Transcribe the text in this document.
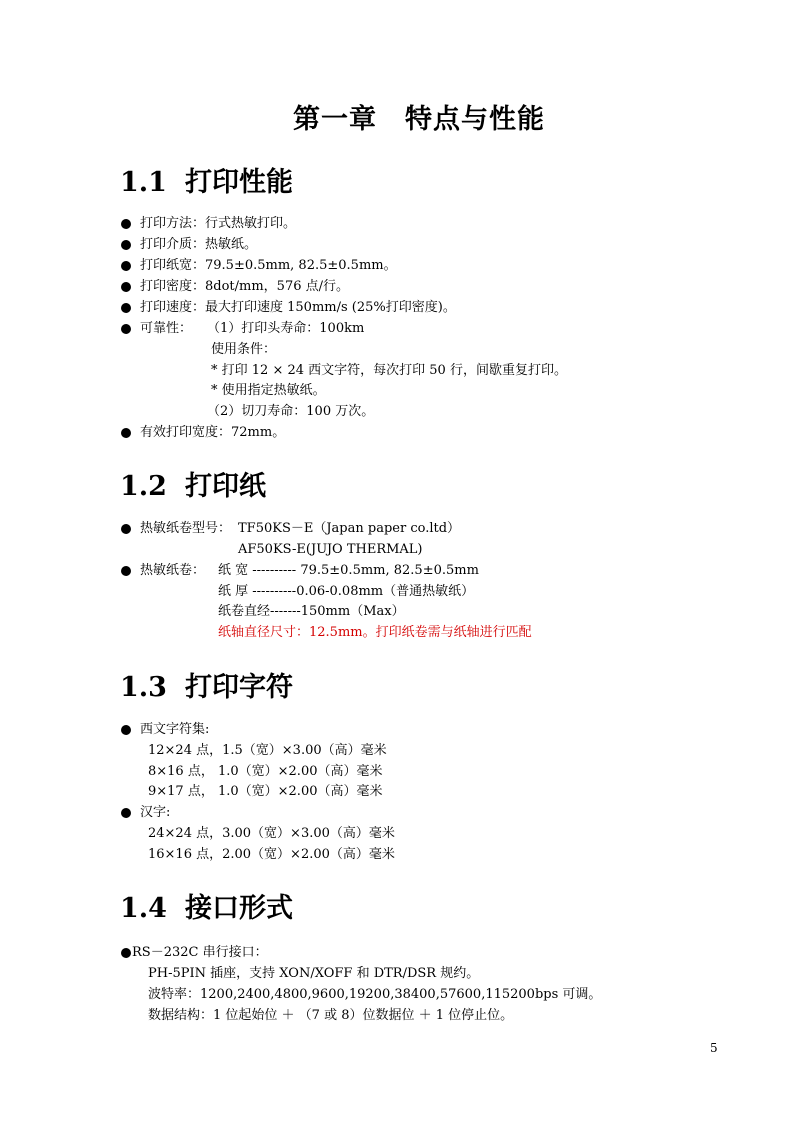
第一章　特点与性能
1.1 打印性能
打印方法：行式热敏打印。
打印介质：热敏纸。
打印纸宽：79.5±0.5mm, 82.5±0.5mm。
打印密度：8dot/mm，576 点/行。
打印速度：最大打印速度 150mm/s (25%打印密度)。
可靠性： （1）打印头寿命：100km
使用条件：
* 打印 12 × 24 西文字符，每次打印 50 行，间歇重复打印。
* 使用指定热敏纸。
（2）切刀寿命：100 万次。
有效打印宽度：72mm。
1.2 打印纸
热敏纸卷型号： TF50KS－E（Japan paper co.ltd）
AF50KS-E(JUJO THERMAL)
热敏纸卷： 纸 宽 ---------- 79.5±0.5mm, 82.5±0.5mm
纸 厚 ----------0.06-0.08mm（普通热敏纸）
纸卷直经-------150mm（Max）
纸轴直径尺寸：12.5mm。打印纸卷需与纸轴进行匹配
1.3 打印字符
西文字符集:
12×24 点，1.5（宽）×3.00（高）毫米
8×16 点， 1.0（宽）×2.00（高）毫米
9×17 点， 1.0（宽）×2.00（高）毫米
汉字:
24×24 点，3.00（宽）×3.00（高）毫米
16×16 点，2.00（宽）×2.00（高）毫米
1.4 接口形式
RS－232C 串行接口：
PH-5PIN 插座，支持 XON/XOFF 和 DTR/DSR 规约。
波特率：1200,2400,4800,9600,19200,38400,57600,115200bps 可调。
数据结构：1 位起始位 ＋ （7 或 8）位数据位 ＋ 1 位停止位。
5
